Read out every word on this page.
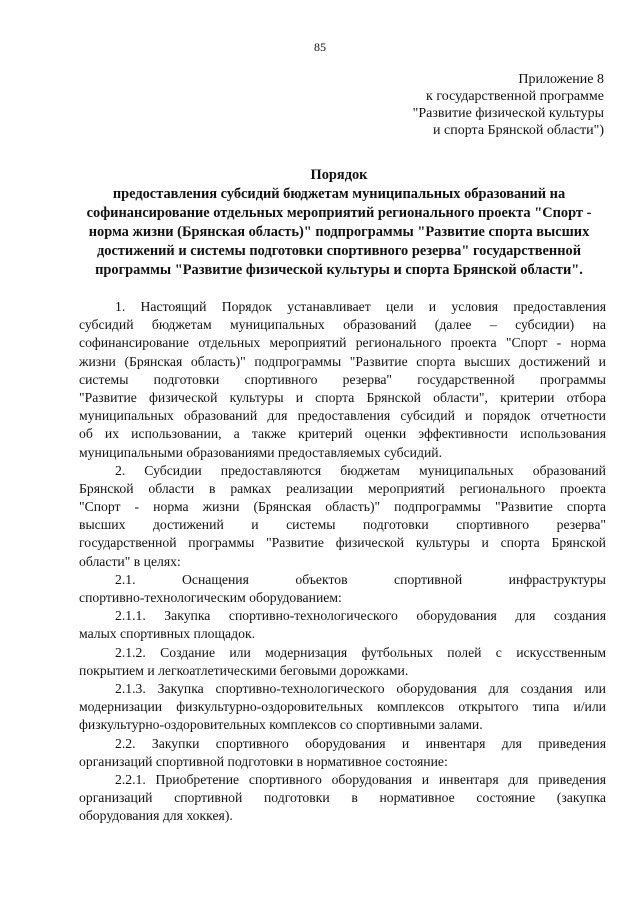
85
Приложение 8
к государственной программе
"Развитие физической культуры
и спорта Брянской области")
Порядок
предоставления субсидий бюджетам муниципальных образований на
софинансирование отдельных мероприятий регионального проекта "Спорт -
норма жизни (Брянская область)" подпрограммы "Развитие спорта высших
достижений и системы подготовки спортивного резерва" государственной
программы "Развитие физической культуры и спорта Брянской области".
1. Настоящий Порядок устанавливает цели и условия предоставления
субсидий бюджетам муниципальных образований (далее – субсидии) на
софинансирование отдельных мероприятий регионального проекта "Спорт - норма
жизни (Брянская область)" подпрограммы "Развитие спорта высших достижений и
системы подготовки спортивного резерва" государственной программы
"Развитие физической культуры и спорта Брянской области", критерии отбора
муниципальных образований для предоставления субсидий и порядок отчетности
об их использовании, а также критерий оценки эффективности использования
муниципальными образованиями предоставляемых субсидий.
2. Субсидии предоставляются бюджетам муниципальных образований
Брянской области в рамках реализации мероприятий регионального проекта
"Спорт - норма жизни (Брянская область)" подпрограммы "Развитие спорта
высших достижений и системы подготовки спортивного резерва"
государственной программы "Развитие физической культуры и спорта Брянской
области" в целях:
2.1. Оснащения объектов спортивной инфраструктуры
спортивно-технологическим оборудованием:
2.1.1. Закупка спортивно-технологического оборудования для создания
малых спортивных площадок.
2.1.2. Создание или модернизация футбольных полей с искусственным
покрытием и легкоатлетическими беговыми дорожками.
2.1.3. Закупка спортивно-технологического оборудования для создания или
модернизации физкультурно-оздоровительных комплексов открытого типа и/или
физкультурно-оздоровительных комплексов со спортивными залами.
2.2. Закупки спортивного оборудования и инвентаря для приведения
организаций спортивной подготовки в нормативное состояние:
2.2.1. Приобретение спортивного оборудования и инвентаря для приведения
организаций спортивной подготовки в нормативное состояние (закупка
оборудования для хоккея).
